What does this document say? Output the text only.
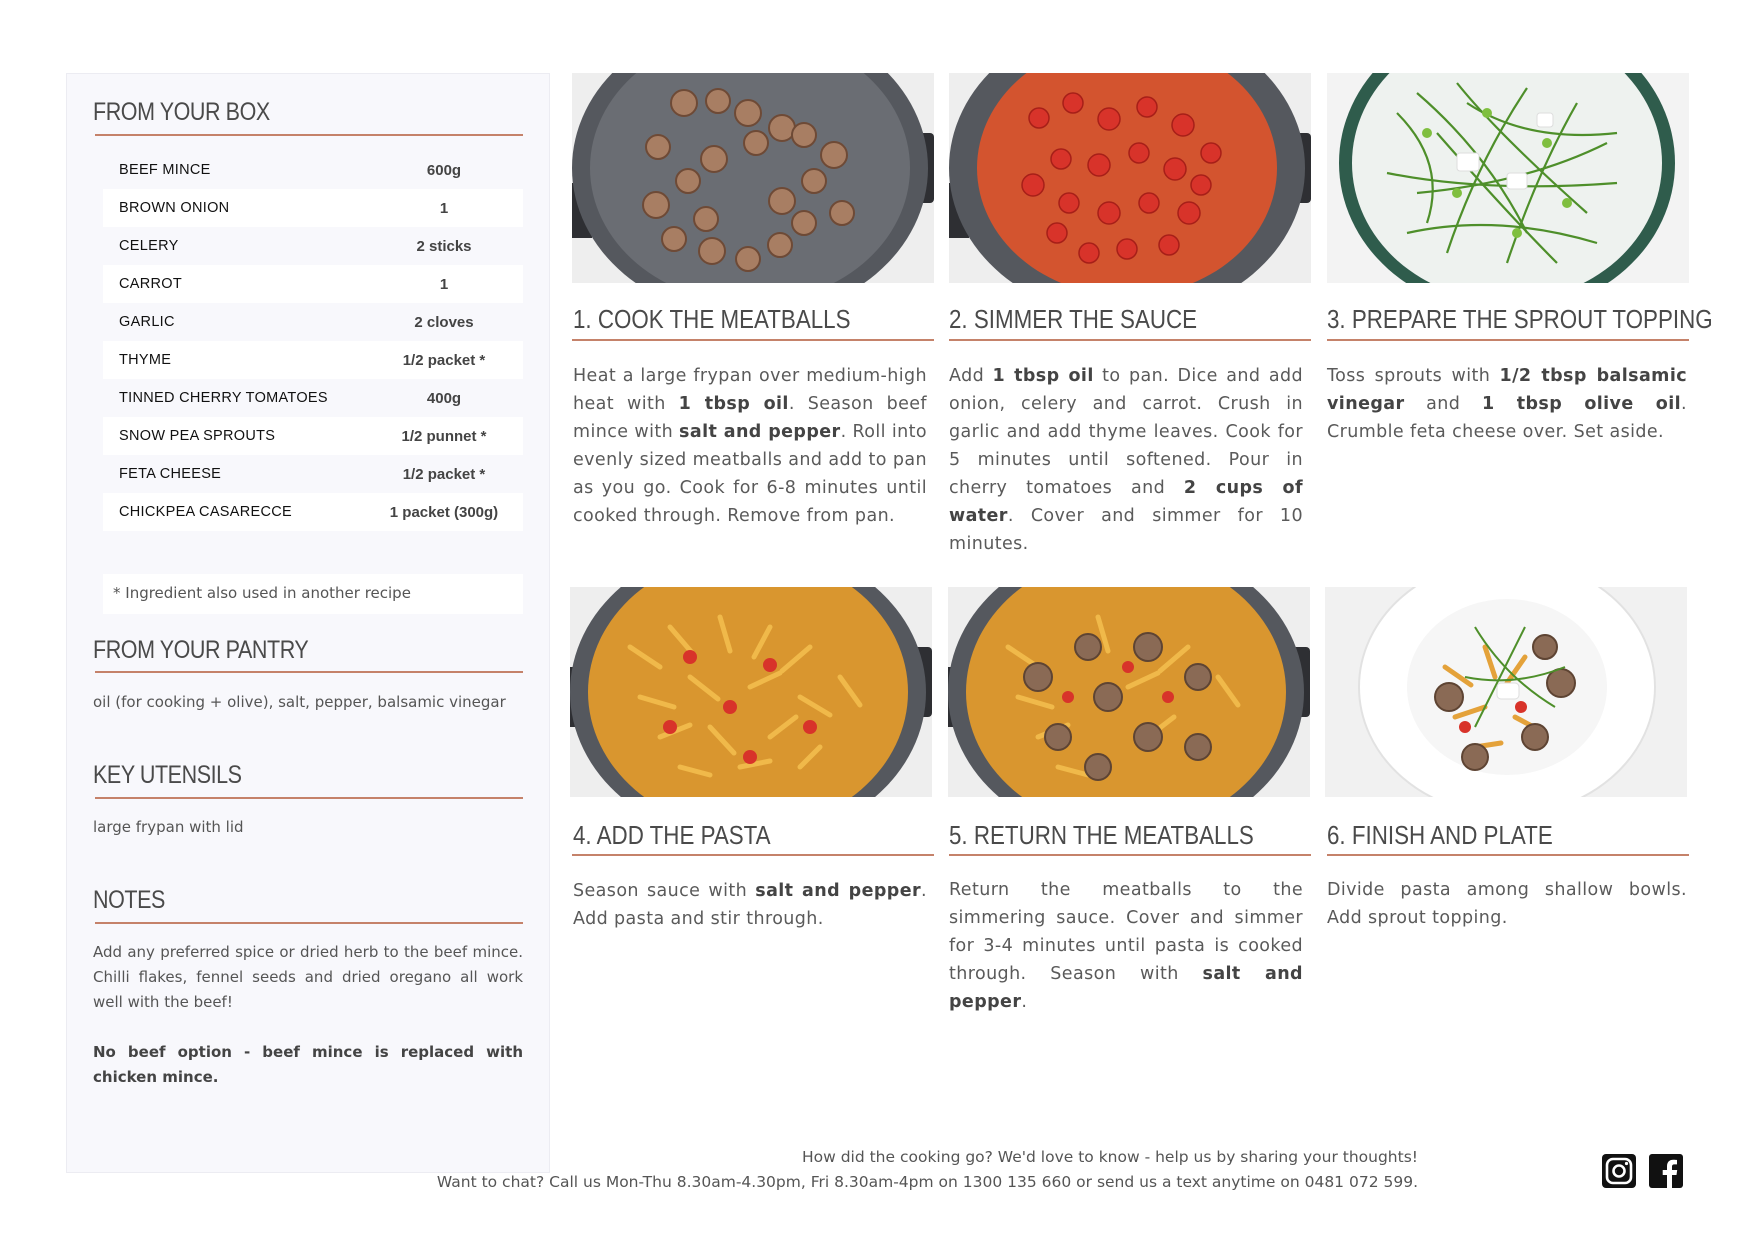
FROM YOUR BOX
BEEF MINCE	600g
BROWN ONION	1
CELERY	2 sticks
CARROT	1
GARLIC	2 cloves
THYME	1/2 packet *
TINNED CHERRY TOMATOES	400g
SNOW PEA SPROUTS	1/2 punnet *
FETA CHEESE	1/2 packet *
CHICKPEA CASARECCE	1 packet (300g)
* Ingredient also used in another recipe
FROM YOUR PANTRY
oil (for cooking + olive), salt, pepper, balsamic vinegar
KEY UTENSILS
large frypan with lid
NOTES
Add any preferred spice or dried herb to the beef mince. Chilli flakes, fennel seeds and dried oregano all work well with the beef!
No beef option - beef mince is replaced with chicken mince.
1. COOK THE MEATBALLS
Heat a large frypan over medium-high heat with 1 tbsp oil. Season beef mince with salt and pepper. Roll into evenly sized meatballs and add to pan as you go. Cook for 6-8 minutes until cooked through. Remove from pan.
2. SIMMER THE SAUCE
Add 1 tbsp oil to pan. Dice and add onion, celery and carrot. Crush in garlic and add thyme leaves. Cook for 5 minutes until softened. Pour in cherry tomatoes and 2 cups of water. Cover and simmer for 10 minutes.
3. PREPARE THE SPROUT TOPPING
Toss sprouts with 1/2 tbsp balsamic vinegar and 1 tbsp olive oil. Crumble feta cheese over. Set aside.
4. ADD THE PASTA
Season sauce with salt and pepper. Add pasta and stir through.
5. RETURN THE MEATBALLS
Return the meatballs to the simmering sauce. Cover and simmer for 3-4 minutes until pasta is cooked through. Season with salt and pepper.
6. FINISH AND PLATE
Divide pasta among shallow bowls. Add sprout topping.
How did the cooking go? We'd love to know - help us by sharing your thoughts!
Want to chat? Call us Mon-Thu 8.30am-4.30pm, Fri 8.30am-4pm on 1300 135 660 or send us a text anytime on 0481 072 599.
